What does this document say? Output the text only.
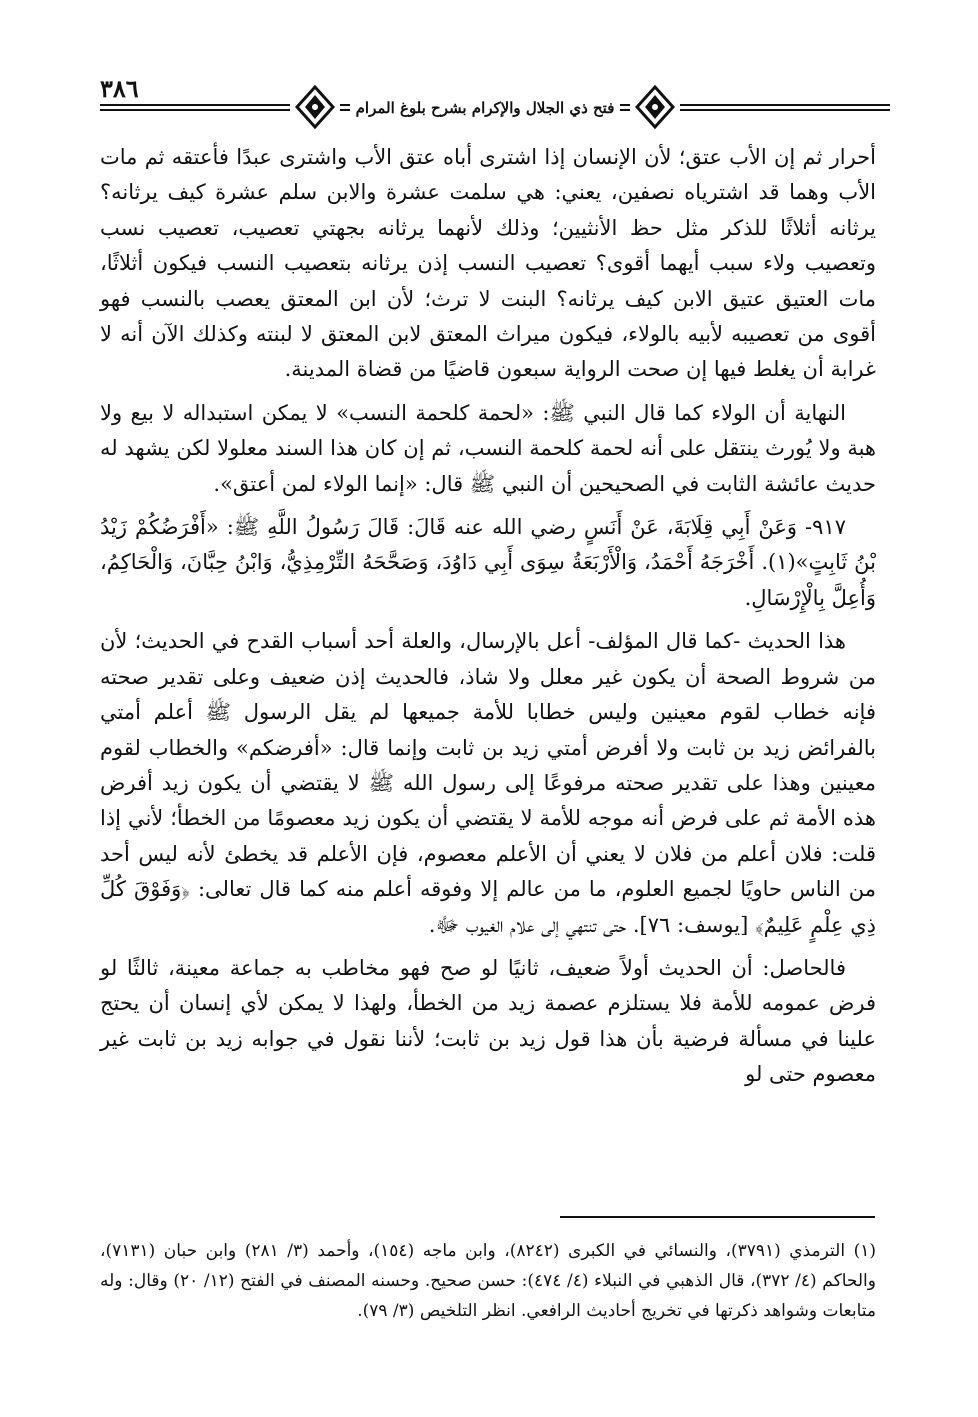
٣٨٦
فتح ذي الجلال والإكرام بشرح بلوغ المرام

أحرار ثم إن الأب عتق؛ لأن الإنسان إذا اشترى أباه عتق الأب واشترى عبدًا فأعتقه ثم مات الأب وهما قد اشترياه نصفين، يعني: هي سلمت عشرة والابن سلم عشرة كيف يرثانه؟ يرثانه أثلاثًا للذكر مثل حظ الأنثيين؛ وذلك لأنهما يرثانه بجهتي تعصيب، تعصيب نسب وتعصيب ولاء سبب أيهما أقوى؟ تعصيب النسب إذن يرثانه بتعصيب النسب فيكون أثلاثًا، مات العتيق عتيق الابن كيف يرثانه؟ البنت لا ترث؛ لأن ابن المعتق يعصب بالنسب فهو أقوى من تعصيبه لأبيه بالولاء، فيكون ميراث المعتق لابن المعتق لا لبنته وكذلك الآن أنه لا غرابة أن يغلط فيها إن صحت الرواية سبعون قاضيًا من قضاة المدينة.

النهاية أن الولاء كما قال النبي ﷺ: «لحمة كلحمة النسب» لا يمكن استبداله لا بيع ولا هبة ولا يُورث ينتقل على أنه لحمة كلحمة النسب، ثم إن كان هذا السند معلولا لكن يشهد له حديث عائشة الثابت في الصحيحين أن النبي ﷺ قال: «إنما الولاء لمن أعتق».

٩١٧- وَعَنْ أَبِي قِلَابَةَ، عَنْ أَنَسٍ رضي الله عنه قَالَ: قَالَ رَسُولُ اللَّهِ ﷺ: «أَفْرَضُكُمْ زَيْدُ بْنُ ثَابِتٍ»(١). أَخْرَجَهُ أَحْمَدُ، وَالْأَرْبَعَةُ سِوَى أَبِي دَاوُدَ، وَصَحَّحَهُ التِّرْمِذِيُّ، وَابْنُ حِبَّانَ، وَالْحَاكِمُ، وَأُعِلَّ بِالْإِرْسَالِ.

هذا الحديث -كما قال المؤلف- أعل بالإرسال، والعلة أحد أسباب القدح في الحديث؛ لأن من شروط الصحة أن يكون غير معلل ولا شاذ، فالحديث إذن ضعيف وعلى تقدير صحته فإنه خطاب لقوم معينين وليس خطابا للأمة جميعها لم يقل الرسول ﷺ أعلم أمتي بالفرائض زيد بن ثابت ولا أفرض أمتي زيد بن ثابت وإنما قال: «أفرضكم» والخطاب لقوم معينين وهذا على تقدير صحته مرفوعًا إلى رسول الله ﷺ لا يقتضي أن يكون زيد أفرض هذه الأمة ثم على فرض أنه موجه للأمة لا يقتضي أن يكون زيد معصومًا من الخطأ؛ لأني إذا قلت: فلان أعلم من فلان لا يعني أن الأعلم معصوم، فإن الأعلم قد يخطئ لأنه ليس أحد من الناس حاويًا لجميع العلوم، ما من عالم إلا وفوقه أعلم منه كما قال تعالى: ﴿وَفَوْقَ كُلِّ ذِي عِلْمٍ عَلِيمٌ﴾ [يوسف: ٧٦]. حتى تنتهي إلى علام الغيوب ﷻ.

فالحاصل: أن الحديث أولاً ضعيف، ثانيًا لو صح فهو مخاطب به جماعة معينة، ثالثًا لو فرض عمومه للأمة فلا يستلزم عصمة زيد من الخطأ، ولهذا لا يمكن لأي إنسان أن يحتج علينا في مسألة فرضية بأن هذا قول زيد بن ثابت؛ لأننا نقول في جوابه زيد بن ثابت غير معصوم حتى لو

(١) الترمذي (٣٧٩١)، والنسائي في الكبرى (٨٢٤٢)، وابن ماجه (١٥٤)، وأحمد (٣/ ٢٨١) وابن حبان (٧١٣١)، والحاكم (٤/ ٣٧٢)، قال الذهبي في النبلاء (٤/ ٤٧٤): حسن صحيح. وحسنه المصنف في الفتح (١٢/ ٢٠) وقال: وله متابعات وشواهد ذكرتها في تخريج أحاديث الرافعي. انظر التلخيص (٣/ ٧٩).
